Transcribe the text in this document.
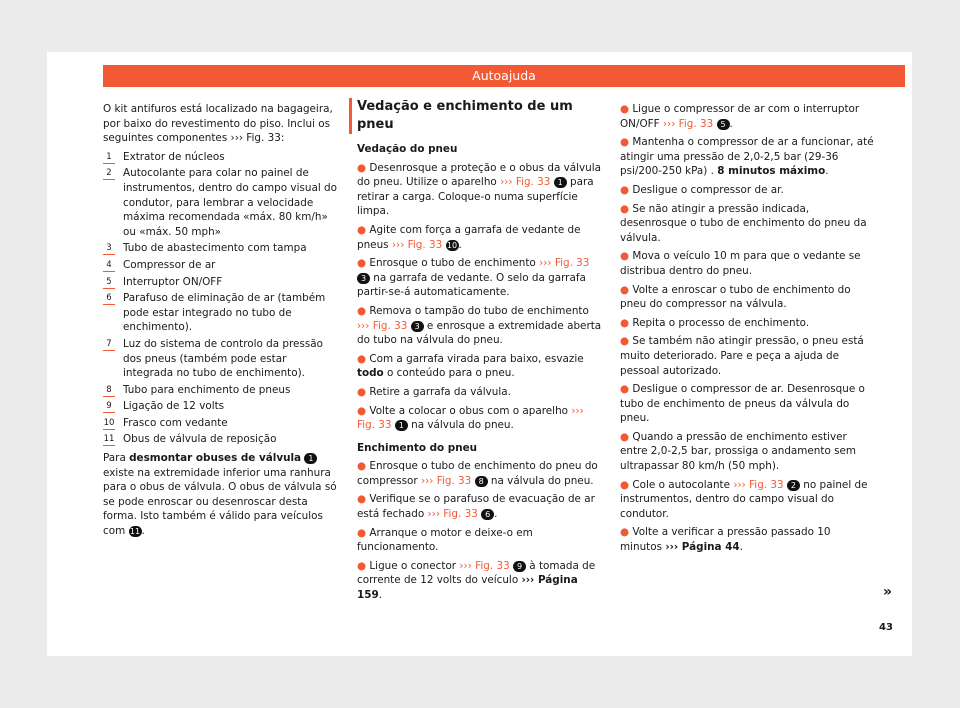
Autoajuda

O kit antifuros está localizado na bagageira, por baixo do revestimento do piso. Inclui os seguintes componentes ››› Fig. 33:

1	Extrator de núcleos
2	Autocolante para colar no painel de instrumentos, dentro do campo visual do condutor, para lembrar a velocidade máxima recomendada «máx. 80 km/h» ou «máx. 50 mph»
3	Tubo de abastecimento com tampa
4	Compressor de ar
5	Interruptor ON/OFF
6	Parafuso de eliminação de ar (também pode estar integrado no tubo de enchimento).
7	Luz do sistema de controlo da pressão dos pneus (também pode estar integrada no tubo de enchimento).
8	Tubo para enchimento de pneus
9	Ligação de 12 volts
10 Frasco com vedante
11 Obus de válvula de reposição

Para desmontar obuses de válvula 1 existe na extremidade inferior uma ranhura para o obus de válvula. O obus de válvula só se pode enroscar ou desenroscar desta forma. Isto também é válido para veículos com 11.

Vedação e enchimento de um pneu
Vedação do pneu

● Desenrosque a proteção e o obus da válvula do pneu. Utilize o aparelho ››› Fig. 33 1 para retirar a carga. Coloque-o numa superfície limpa.

● Agite com força a garrafa de vedante de pneus ››› Fig. 33 10.

● Enrosque o tubo de enchimento ››› Fig. 33 3 na garrafa de vedante. O selo da garrafa partir-se-á automaticamente.

● Remova o tampão do tubo de enchimento ››› Fig. 33 3 e enrosque a extremidade aberta do tubo na válvula do pneu.

● Com a garrafa virada para baixo, esvazie todo o conteúdo para o pneu.

● Retire a garrafa da válvula.

● Volte a colocar o obus com o aparelho ››› Fig. 33 1 na válvula do pneu.

Enchimento do pneu

● Enrosque o tubo de enchimento do pneu do compressor ››› Fig. 33 8 na válvula do pneu.

● Verifique se o parafuso de evacuação de ar está fechado ››› Fig. 33 6 .

● Arranque o motor e deixe-o em funcionamento.

● Ligue o conector ››› Fig. 33 9 à tomada de corrente de 12 volts do veículo ››› Página 159.

● Ligue o compressor de ar com o interruptor ON/OFF ››› Fig. 33 5 .

● Mantenha o compressor de ar a funcionar, até atingir uma pressão de 2,0-2,5 bar (29-36 psi/200-250 kPa) . 8 minutos máximo.

● Desligue o compressor de ar.

● Se não atingir a pressão indicada, desenrosque o tubo de enchimento do pneu da válvula.

● Mova o veículo 10 m para que o vedante se distribua dentro do pneu.

● Volte a enroscar o tubo de enchimento do pneu do compressor na válvula.

● Repita o processo de enchimento.

● Se também não atingir pressão, o pneu está muito deteriorado. Pare e peça a ajuda de pessoal autorizado.

● Desligue o compressor de ar. Desenrosque o tubo de enchimento de pneus da válvula do pneu.

● Quando a pressão de enchimento estiver entre 2,0-2,5 bar, prossiga o andamento sem ultrapassar 80 km/h (50 mph).

● Cole o autocolante ››› Fig. 33 2 no painel de instrumentos, dentro do campo visual do condutor.

● Volte a verificar a pressão passado 10 minutos ››› Página 44.

»
43
